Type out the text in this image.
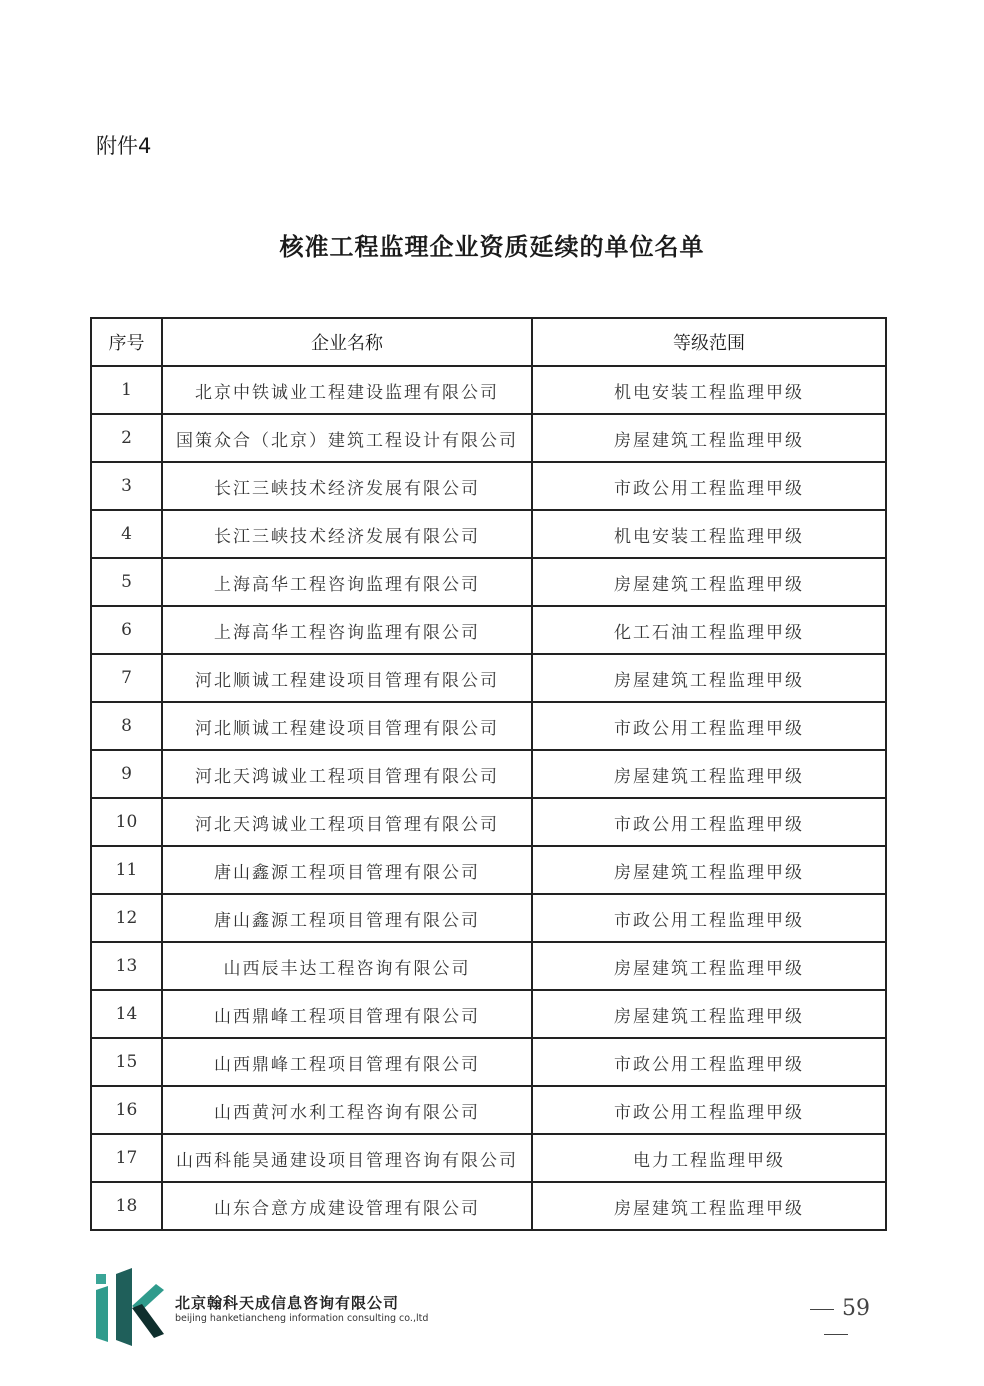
附件4
核准工程监理企业资质延续的单位名单
序号	企业名称	等级范围
1	北京中铁诚业工程建设监理有限公司	机电安装工程监理甲级
2	国策众合（北京）建筑工程设计有限公司	房屋建筑工程监理甲级
3	长江三峡技术经济发展有限公司	市政公用工程监理甲级
4	长江三峡技术经济发展有限公司	机电安装工程监理甲级
5	上海高华工程咨询监理有限公司	房屋建筑工程监理甲级
6	上海高华工程咨询监理有限公司	化工石油工程监理甲级
7	河北顺诚工程建设项目管理有限公司	房屋建筑工程监理甲级
8	河北顺诚工程建设项目管理有限公司	市政公用工程监理甲级
9	河北天鸿诚业工程项目管理有限公司	房屋建筑工程监理甲级
10	河北天鸿诚业工程项目管理有限公司	市政公用工程监理甲级
11	唐山鑫源工程项目管理有限公司	房屋建筑工程监理甲级
12	唐山鑫源工程项目管理有限公司	市政公用工程监理甲级
13	山西辰丰达工程咨询有限公司	房屋建筑工程监理甲级
14	山西鼎峰工程项目管理有限公司	房屋建筑工程监理甲级
15	山西鼎峰工程项目管理有限公司	市政公用工程监理甲级
16	山西黄河水利工程咨询有限公司	市政公用工程监理甲级
17	山西科能昊通建设项目管理咨询有限公司	电力工程监理甲级
18	山东合意方成建设管理有限公司	房屋建筑工程监理甲级
北京翰科天成信息咨询有限公司
beijing hanketiancheng information consulting co.,ltd	59
